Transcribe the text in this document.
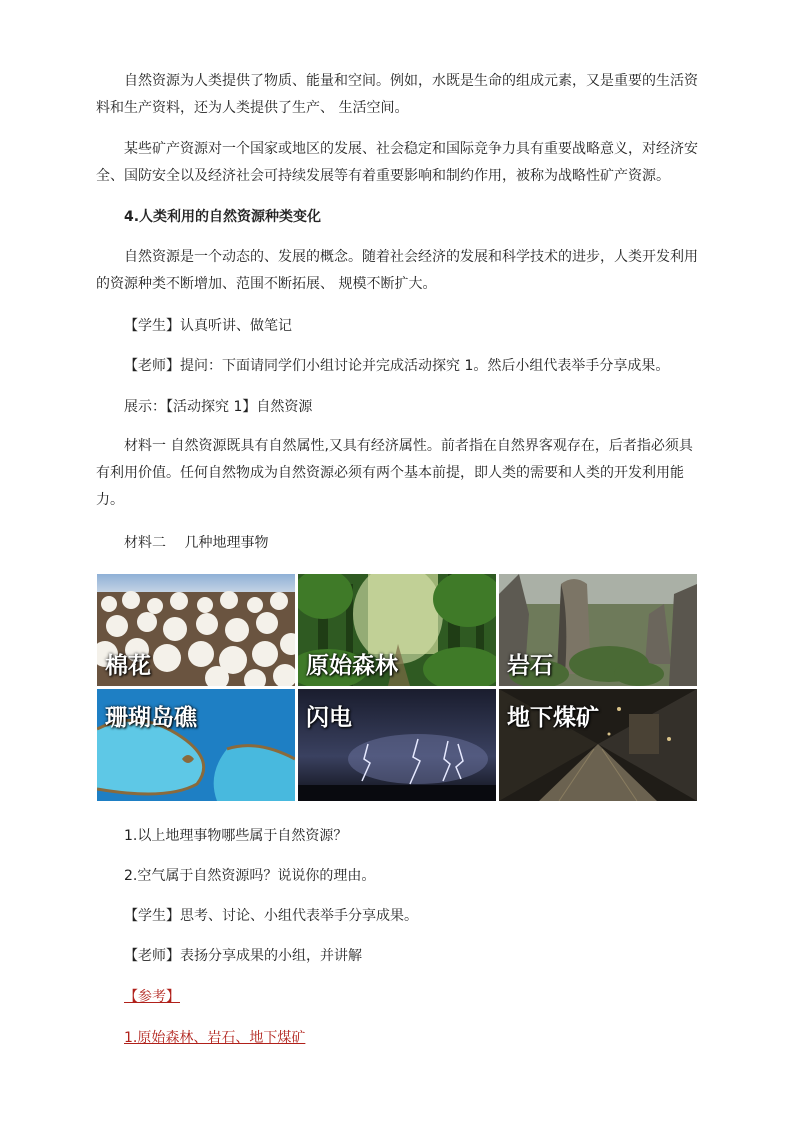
自然资源为人类提供了物质、能量和空间。例如，水既是生命的组成元素，又是重要的生活资料和生产资料，还为人类提供了生产、 生活空间。

某些矿产资源对一个国家或地区的发展、社会稳定和国际竞争力具有重要战略意义，对经济安全、国防安全以及经济社会可持续发展等有着重要影响和制约作用，被称为战略性矿产资源。

4.人类利用的自然资源种类变化

自然资源是一个动态的、发展的概念。随着社会经济的发展和科学技术的进步，人类开发利用的资源种类不断增加、范围不断拓展、 规模不断扩大。

【学生】认真听讲、做笔记

【老师】提问：下面请同学们小组讨论并完成活动探究 1。然后小组代表举手分享成果。

展示：【活动探究 1】自然资源

材料一 自然资源既具有自然属性,又具有经济属性。前者指在自然界客观存在，后者指必须具有利用价值。任何自然物成为自然资源必须有两个基本前提，即人类的需要和人类的开发利用能力。

材料二　 几种地理事物

棉花	原始森林	岩石
珊瑚岛礁	闪电	地下煤矿

1.以上地理事物哪些属于自然资源？

2.空气属于自然资源吗？说说你的理由。

【学生】思考、讨论、小组代表举手分享成果。

【老师】表扬分享成果的小组，并讲解

【参考】

1.原始森林、岩石、地下煤矿
